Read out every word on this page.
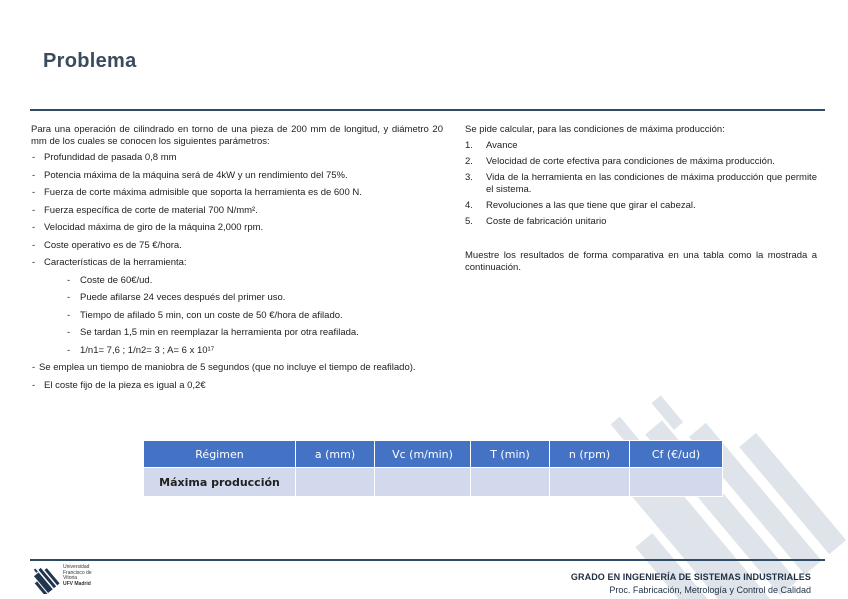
Problema

Para una operación de cilindrado en torno de una pieza de 200 mm de longitud, y diámetro 20 mm de los cuales se conocen los siguientes parámetros:

- Profundidad de pasada 0,8 mm
- Potencia máxima de la máquina será de 4kW y un rendimiento del 75%.
- Fuerza de corte máxima admisible que soporta la herramienta es de 600 N.
- Fuerza específica de corte de material 700 N/mm².
- Velocidad máxima de giro de la máquina 2,000 rpm.
- Coste operativo es de 75 €/hora.
- Características de la herramienta:
- Coste de 60€/ud.
- Puede afilarse 24 veces después del primer uso.
- Tiempo de afilado 5 min, con un coste de 50 €/hora de afilado.
- Se tardan 1,5 min en reemplazar la herramienta por otra reafilada.
- 1/n1= 7,6 ; 1/n2= 3 ; A= 6 x 10¹⁷
- Se emplea un tiempo de maniobra de 5 segundos (que no incluye el tiempo de reafilado).
- El coste fijo de la pieza es igual a 0,2€

Se pide calcular, para las condiciones de máxima producción:

1. Avance
2. Velocidad de corte efectiva para condiciones de máxima producción.
3. Vida de la herramienta en las condiciones de máxima producción que permite el sistema.
4. Revoluciones a las que tiene que girar el cabezal.
5. Coste de fabricación unitario

Muestre los resultados de forma comparativa en una tabla como la mostrada a continuación.

Régimen	a (mm)	Vc (m/min)	T (min)	n (rpm)	Cf (€/ud)
Máxima producción					
Universidad
Francisco de
Vitoria
UFV Madrid
GRADO EN INGENIERÍA DE SISTEMAS INDUSTRIALES
Proc. Fabricación, Metrología y Control de Calidad
